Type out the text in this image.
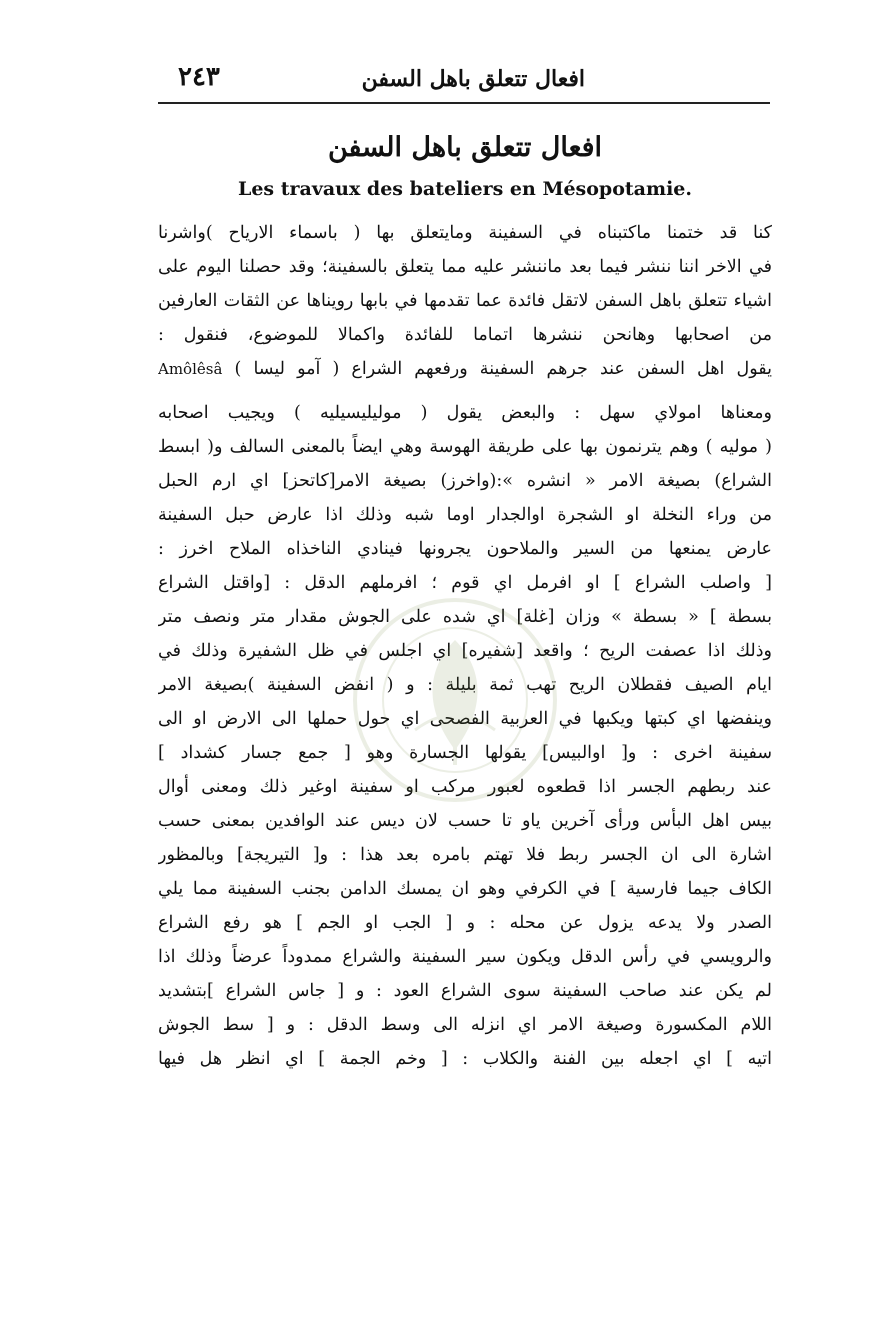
افعال تتعلق باهل السفن
٢٤٣
افعال تتعلق باهل السفن
Les travaux des bateliers en Mésopotamie.
كنا قد ختمنا ماكتبناه في السفينة ومايتعلق بها ( باسماء الارياح )واشرنا
في الاخر اننا ننشر فيما بعد ماننشر عليه مما يتعلق بالسفينة؛ وقد حصلنا اليوم على
اشياء تتعلق باهل السفن لاتقل فائدة عما تقدمها في بابها رويناها عن الثقات العارفين
من اصحابها وهانحن ننشرها اتماما للفائدة واكمالا للموضوع، فنقول :
يقول اهل السفن عند جرهم السفينة ورفعهم الشراع ( آمو ليسا ) Amôlêsâ
ومعناها امولاي سهل : والبعض يقول ( موليليسيليه ) ويجيب اصحابه
( موليه ) وهم يترنمون بها على طريقة الهوسة وهي ايضاً بالمعنى السالف و( ابسط
الشراع) بصيغة الامر « انشره »:(واخرز) بصيغة الامر[كاتحز] اي ارم الحبل
من وراء النخلة او الشجرة اوالجدار اوما شبه وذلك اذا عارض حبل السفينة
عارض يمنعها من السير والملاحون يجرونها فينادي الناخذاه الملاح اخرز :
[ واصلب الشراع ] او افرمل اي قوم ؛ افرملهم الدقل : [واقتل الشراع
بسطة ] « بسطة » وزان [غلة] اي شده على الجوش مقدار متر ونصف متر
وذلك اذا عصفت الريح ؛ واقعد [شفيره] اي اجلس في ظل الشفيرة وذلك في
ايام الصيف فقطلان الريح تهب ثمة بليلة : و ( انفض السفينة )بصيغة الامر
وينفضها اي كبتها ويكبها في العربية الفصحى اي حول حملها الى الارض او الى
سفينة اخرى : و[ اوالبيس] يقولها الجسارة وهو [ جمع جسار كشداد ]
عند ربطهم الجسر اذا قطعوه لعبور مركب او سفينة اوغير ذلك ومعنى أوال
بيس اهل البأس ورأى آخرين ياو تا حسب لان ديس عند الوافدين بمعنى حسب
اشارة الى ان الجسر ربط فلا تهتم بامره بعد هذا : و[ التيريجة] وبالمظور
الكاف جيما فارسية ] في الكرفي وهو ان يمسك الدامن بجنب السفينة مما يلي
الصدر ولا يدعه يزول عن محله : و [ الجب او الجم ] هو رفع الشراع
والرويسي في رأس الدقل ويكون سير السفينة والشراع ممدوداً عرضاً وذلك اذا
لم يكن عند صاحب السفينة سوى الشراع العود : و [ جاس الشراع ]بتشديد
اللام المكسورة وصيغة الامر اي انزله الى وسط الدقل : و [ سط الجوش
اتيه ] اي اجعله بين الفنة والكلاب : [ وخم الجمة ] اي انظر هل فيها
